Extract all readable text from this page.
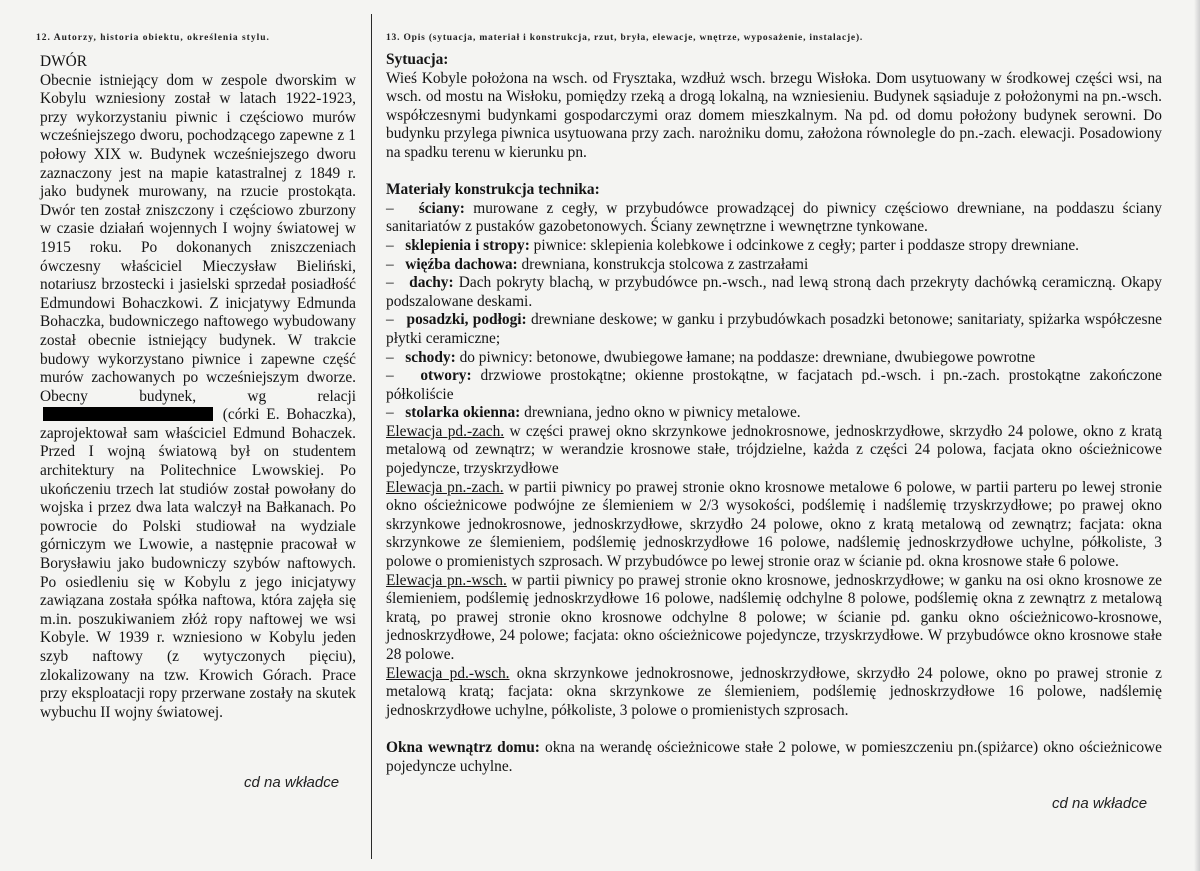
12. Autorzy, historia obiektu, określenia stylu.

DWÓR
Obecnie istniejący dom w zespole dworskim w Kobylu wzniesiony został w latach 1922-1923, przy wykorzystaniu piwnic i częściowo murów wcześniejszego dworu, pochodzącego zapewne z 1 połowy XIX w. Budynek wcześniejszego dworu zaznaczony jest na mapie katastralnej z 1849 r. jako budynek murowany, na rzucie prostokąta. Dwór ten został zniszczony i częściowo zburzony w czasie działań wojennych I wojny światowej w 1915 roku. Po dokonanych zniszczeniach ówczesny właściciel Mieczysław Bieliński, notariusz brzostecki i jasielski sprzedał posiadłość Edmundowi Bohaczkowi. Z inicjatywy Edmunda Bohaczka, budowniczego naftowego wybudowany został obecnie istniejący budynek. W trakcie budowy wykorzystano piwnice i zapewne część murów zachowanych po wcześniejszym dworze. Obecny budynek, wg relacji  (córki E. Bohaczka), zaprojektował sam właściciel Edmund Bohaczek. Przed I wojną światową był on studentem architektury na Politechnice Lwowskiej. Po ukończeniu trzech lat studiów został powołany do wojska i przez dwa lata walczył na Bałkanach. Po powrocie do Polski studiował na wydziale górniczym we Lwowie, a następnie pracował w Borysławiu jako budowniczy szybów naftowych. Po osiedleniu się w Kobylu z jego inicjatywy zawiązana została spółka naftowa, która zajęła się m.in. poszukiwaniem złóż ropy naftowej we wsi Kobyle. W 1939 r. wzniesiono w Kobylu jeden szyb naftowy (z wytyczonych pięciu), zlokalizowany na tzw. Krowich Górach. Prace przy eksploatacji ropy przerwane zostały na skutek wybuchu II wojny światowej.

cd na wkładce
13. Opis (sytuacja, materiał i konstrukcja, rzut, bryła, elewacje, wnętrze, wyposażenie, instalacje).

Sytuacja:

Wieś Kobyle położona na wsch. od Frysztaka, wzdłuż wsch. brzegu Wisłoka. Dom usytuowany w środkowej części wsi, na wsch. od mostu na Wisłoku, pomiędzy rzeką a drogą lokalną, na wzniesieniu. Budynek sąsiaduje z położonymi na pn.-wsch. współczesnymi budynkami gospodarczymi oraz domem mieszkalnym. Na pd. od domu położony budynek serowni. Do budynku przylega piwnica usytuowana przy zach. narożniku domu, założona równolegle do pn.-zach. elewacji. Posadowiony na spadku terenu w kierunku pn.

Materiały konstrukcja technika:

– ściany: murowane z cegły, w przybudówce prowadzącej do piwnicy częściowo drewniane, na poddaszu ściany sanitariatów z pustaków gazobetonowych. Ściany zewnętrzne i wewnętrzne tynkowane.

– sklepienia i stropy: piwnice: sklepienia kolebkowe i odcinkowe z cegły; parter i poddasze stropy drewniane.

– więźba dachowa: drewniana, konstrukcja stolcowa z zastrzałami

– dachy: Dach pokryty blachą, w przybudówce pn.-wsch., nad lewą stroną dach przekryty dachówką ceramiczną. Okapy podszalowane deskami.

– posadzki, podłogi: drewniane deskowe; w ganku i przybudówkach posadzki betonowe; sanitariaty, spiżarka współczesne płytki ceramiczne;

– schody: do piwnicy: betonowe, dwubiegowe łamane; na poddasze: drewniane, dwubiegowe powrotne

– otwory: drzwiowe prostokątne; okienne prostokątne, w facjatach pd.-wsch. i pn.-zach. prostokątne zakończone półkoliście

– stolarka okienna: drewniana, jedno okno w piwnicy metalowe.

Elewacja pd.-zach. w części prawej okno skrzynkowe jednokrosnowe, jednoskrzydłowe, skrzydło 24 polowe, okno z kratą metalową od zewnątrz; w werandzie krosnowe stałe, trójdzielne, każda z części 24 polowa, facjata okno ościeżnicowe pojedyncze, trzyskrzydłowe

Elewacja pn.-zach. w partii piwnicy po prawej stronie okno krosnowe metalowe 6 polowe, w partii parteru po lewej stronie okno ościeżnicowe podwójne ze ślemieniem w 2/3 wysokości, podślemię i nadślemię trzyskrzydłowe; po prawej okno skrzynkowe jednokrosnowe, jednoskrzydłowe, skrzydło 24 polowe, okno z kratą metalową od zewnątrz; facjata: okna skrzynkowe ze ślemieniem, podślemię jednoskrzydłowe 16 polowe, nadślemię jednoskrzydłowe uchylne, półkoliste, 3 polowe o promienistych szprosach. W przybudówce po lewej stronie oraz w ścianie pd. okna krosnowe stałe 6 polowe.

Elewacja pn.-wsch. w partii piwnicy po prawej stronie okno krosnowe, jednoskrzydłowe; w ganku na osi okno krosnowe ze ślemieniem, podślemię jednoskrzydłowe 16 polowe, nadślemię odchylne 8 polowe, podślemię okna z zewnątrz z metalową kratą, po prawej stronie okno krosnowe odchylne 8 polowe; w ścianie pd. ganku okno ościeżnicowo-krosnowe, jednoskrzydłowe, 24 polowe; facjata: okno ościeżnicowe pojedyncze, trzyskrzydłowe. W przybudówce okno krosnowe stałe 28 polowe.

Elewacja pd.-wsch. okna skrzynkowe jednokrosnowe, jednoskrzydłowe, skrzydło 24 polowe, okno po prawej stronie z metalową kratą; facjata: okna skrzynkowe ze ślemieniem, podślemię jednoskrzydłowe 16 polowe, nadślemię jednoskrzydłowe uchylne, półkoliste, 3 polowe o promienistych szprosach.

Okna wewnątrz domu: okna na werandę ościeżnicowe stałe 2 polowe, w pomieszczeniu pn.(spiżarce) okno ościeżnicowe pojedyncze uchylne.

cd na wkładce
